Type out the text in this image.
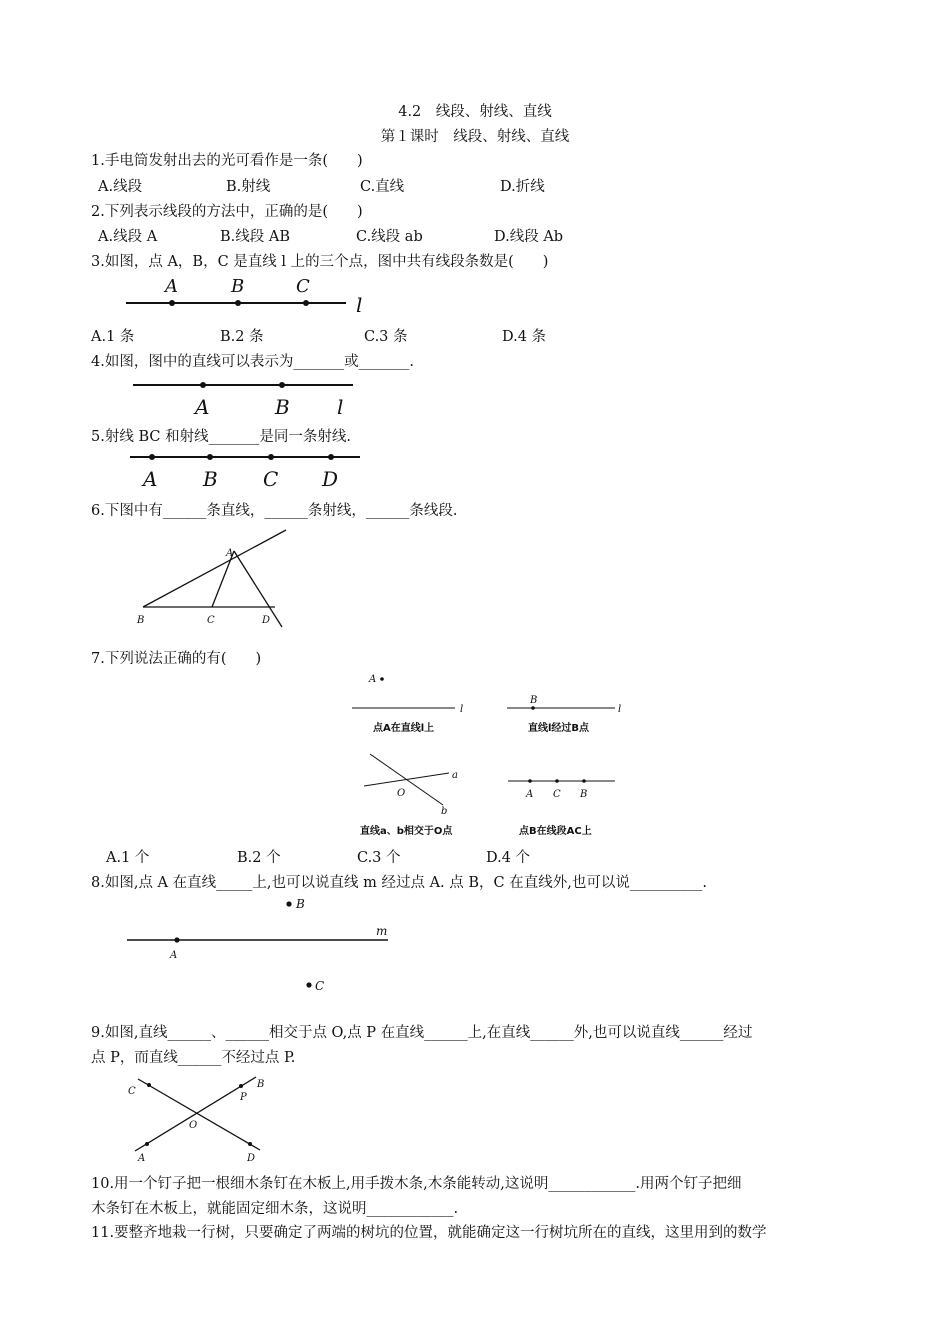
4.2　线段、射线、直线
第１课时　线段、射线、直线
1.手电筒发射出去的光可看作是一条(　　)
A.线段	B.射线	C.直线	D.折线
2.下列表示线段的方法中，正确的是(　　)
A.线段 A	B.线段 AB	C.线段 ab	D.线段 Ab
3.如图，点 A，B，C 是直线 l 上的三个点，图中共有线段条数是(　　)
A	B	C
l
A.1 条	B.2 条	C.3 条	D.4 条
4.如图，图中的直线可以表示为_______或_______.
A	B l
5.射线 BC 和射线_______是同一条射线.
A B C D
6.下图中有______条直线，______条射线，______条线段.
A
B	C	D
7.下列说法正确的有(　　)
A
l
点A在直线l上
B
l
直线l经过B点
a
b
O
直线a、b相交于O点
A C B
点B在线段AC上
A.1 个	B.2 个	C.3 个	D.4 个
8.如图,点 A 在直线_____上,也可以说直线 m 经过点 A. 点 B，C 在直线外,也可以说__________.
A
B
C
m
9.如图,直线______、______相交于点 O,点 P 在直线______上,在直线______外,也可以说直线______经过
点 P，而直线______不经过点 P.
A
B
C
D
O
P
10.用一个钉子把一根细木条钉在木板上,用手拨木条,木条能转动,这说明____________.用两个钉子把细
木条钉在木板上，就能固定细木条，这说明____________.
11.要整齐地栽一行树，只要确定了两端的树坑的位置，就能确定这一行树坑所在的直线，这里用到的数学
